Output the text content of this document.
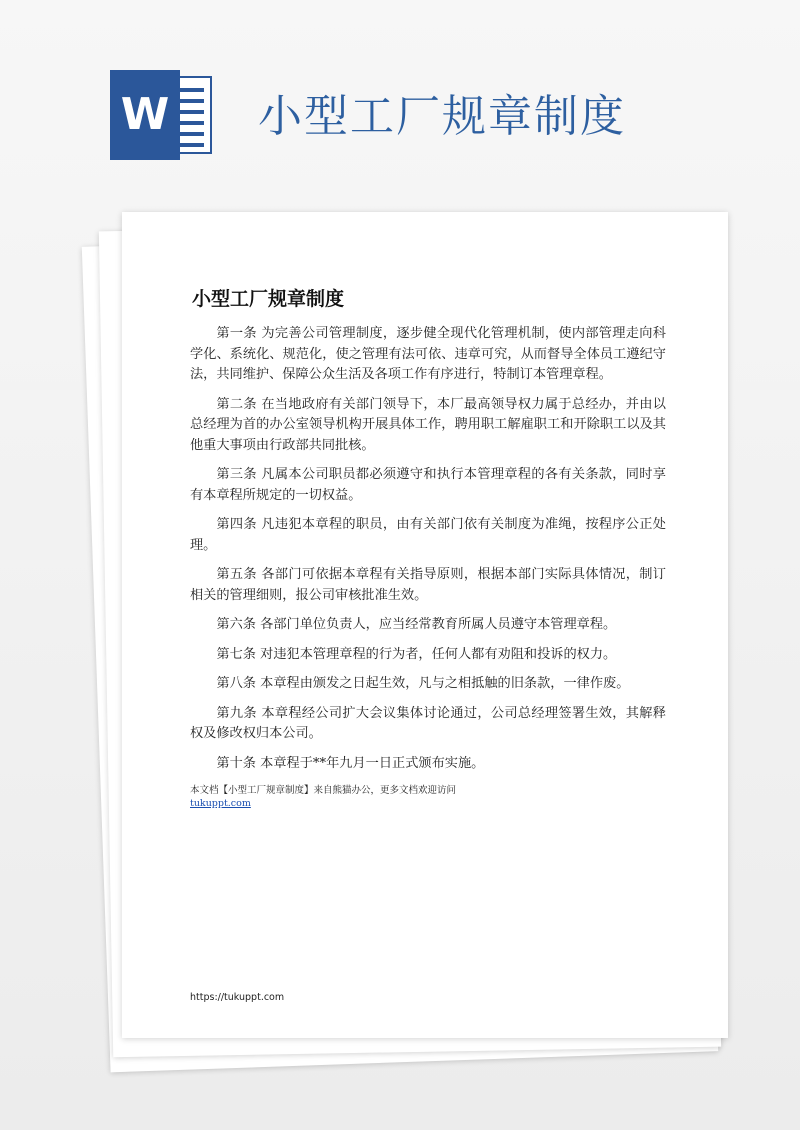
W 小型工厂规章制度
小型工厂规章制度

第一条 为完善公司管理制度，逐步健全现代化管理机制，使内部管理走向科学化、系统化、规范化，使之管理有法可依、违章可究，从而督导全体员工遵纪守法，共同维护、保障公众生活及各项工作有序进行，特制订本管理章程。

第二条 在当地政府有关部门领导下，本厂最高领导权力属于总经办，并由以总经理为首的办公室领导机构开展具体工作，聘用职工解雇职工和开除职工以及其他重大事项由行政部共同批核。

第三条 凡属本公司职员都必须遵守和执行本管理章程的各有关条款，同时享有本章程所规定的一切权益。

第四条 凡违犯本章程的职员，由有关部门依有关制度为准绳，按程序公正处理。

第五条 各部门可依据本章程有关指导原则，根据本部门实际具体情况，制订相关的管理细则，报公司审核批准生效。

第六条 各部门单位负责人，应当经常教育所属人员遵守本管理章程。

第七条 对违犯本管理章程的行为者，任何人都有劝阻和投诉的权力。

第八条 本章程由颁发之日起生效，凡与之相抵触的旧条款，一律作废。

第九条 本章程经公司扩大会议集体讨论通过，公司总经理签署生效，其解释权及修改权归本公司。

第十条 本章程于**年九月一日正式颁布实施。

本文档【小型工厂规章制度】来自熊猫办公，更多文档欢迎访问
tukuppt.com
https://tukuppt.com
